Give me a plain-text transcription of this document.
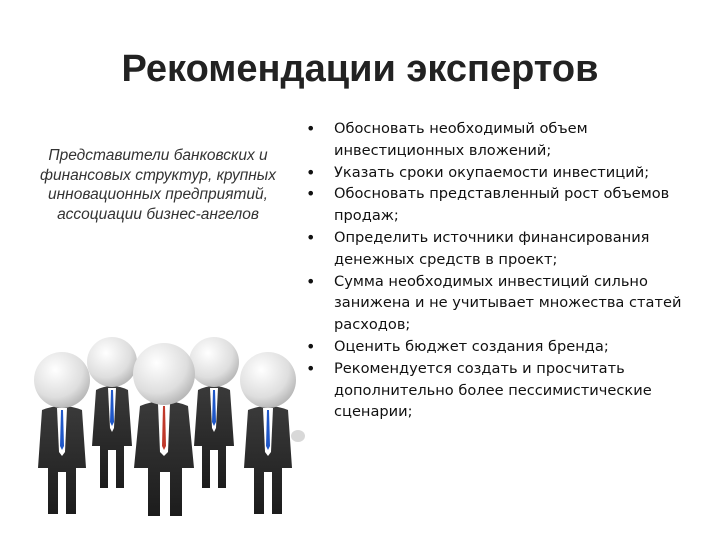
Рекомендации экспертов
Представители банковских и финансовых структур, крупных инновационных предприятий, ассоциации бизнес-ангелов
• Обосновать необходимый объем инвестиционных вложений;
• Указать сроки окупаемости инвестиций;
• Обосновать представленный рост объемов продаж;
• Определить источники финансирования денежных средств в проект;
• Сумма необходимых инвестиций сильно занижена и не учитывает множества статей расходов;
• Оценить бюджет создания бренда;
• Рекомендуется создать и просчитать дополнительно более пессимистические сценарии;
